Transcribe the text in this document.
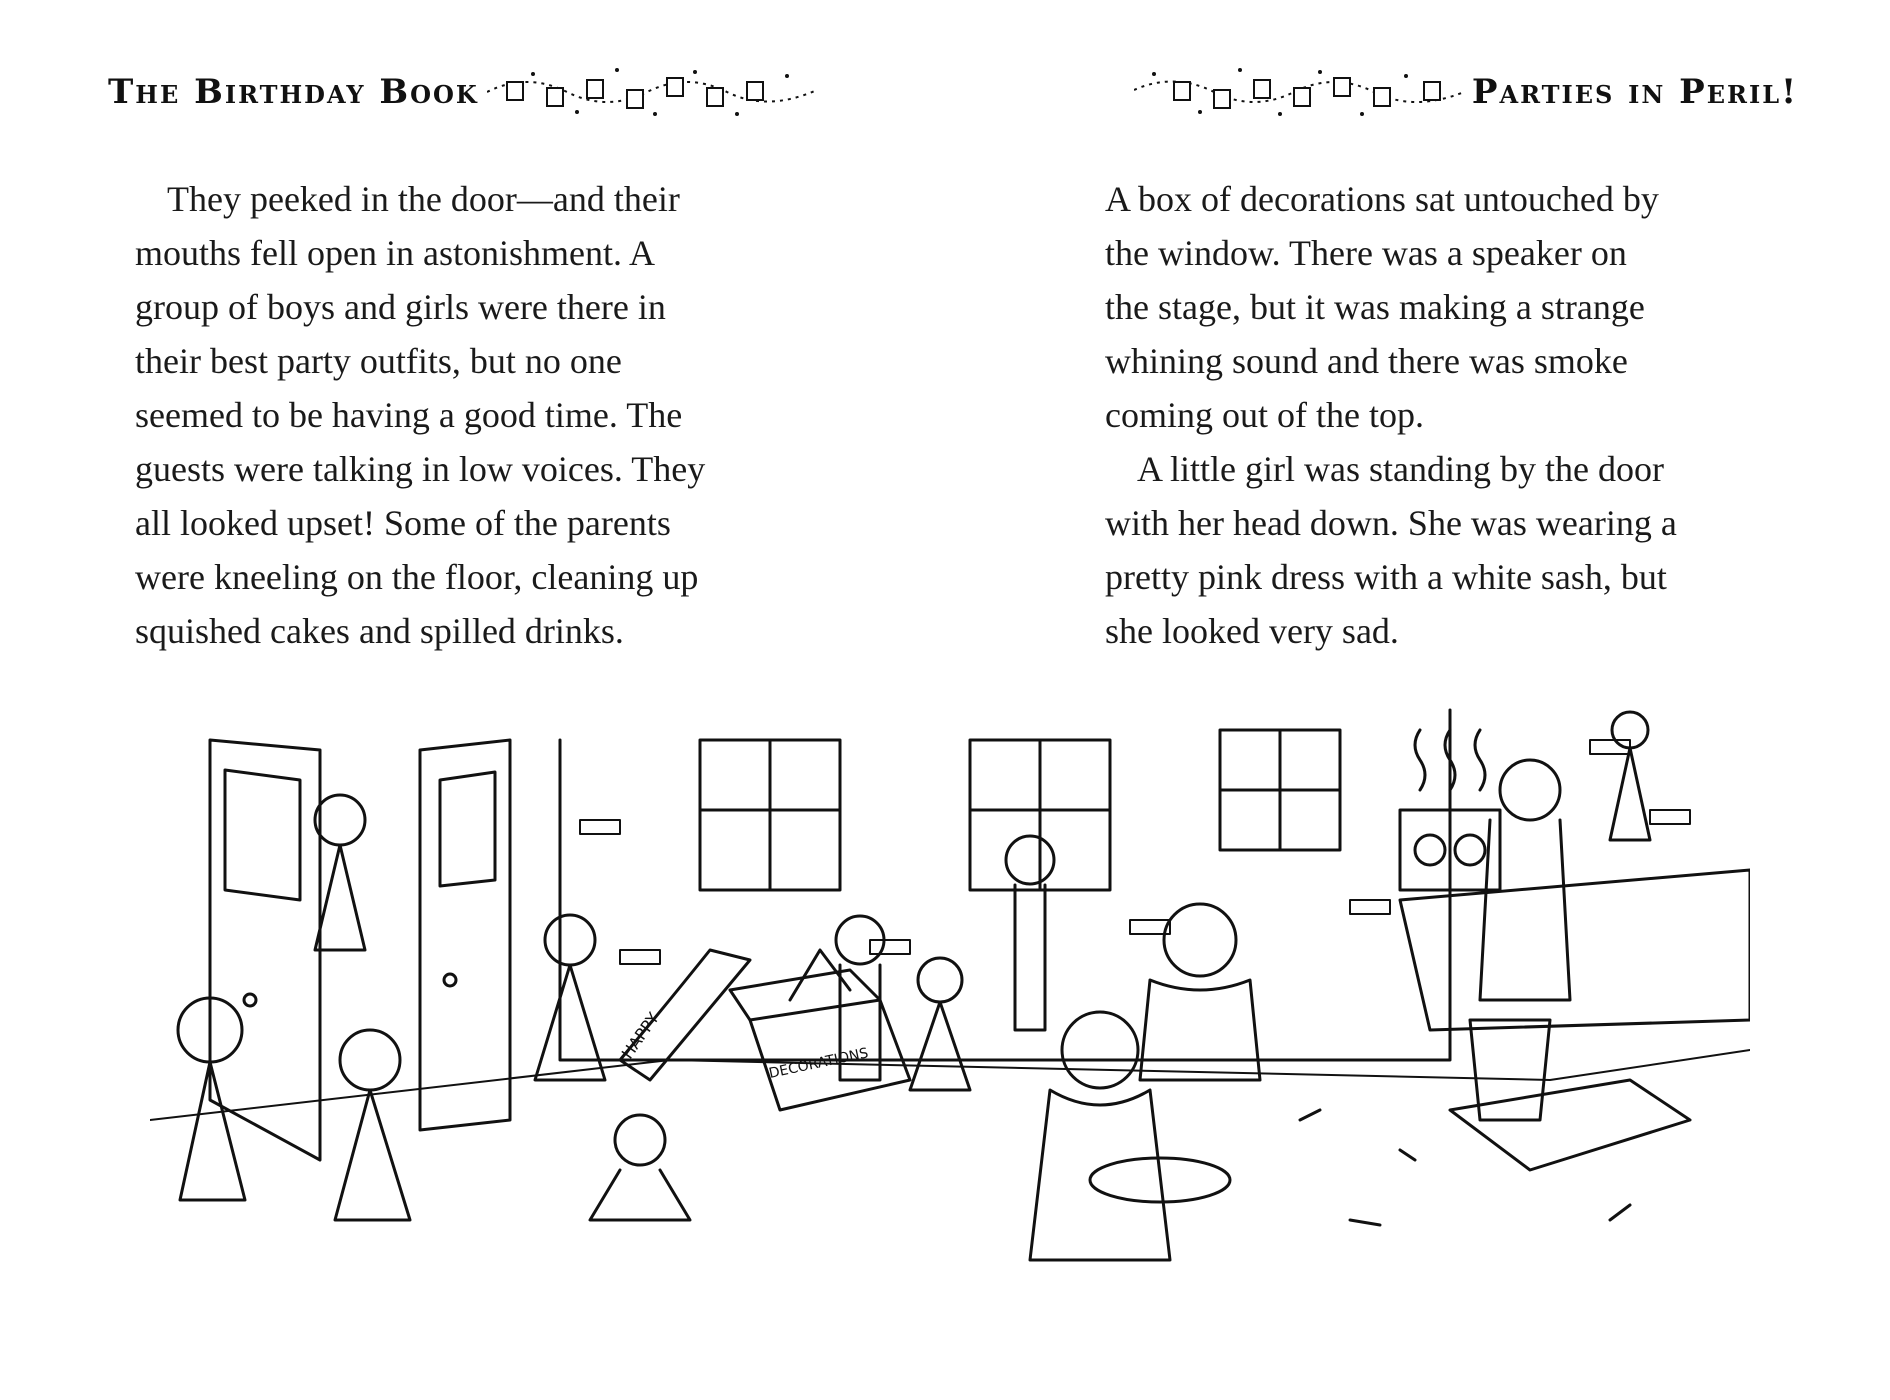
The Birthday Book	Parties in Peril!

They peeked in the door—and their

mouths fell open in astonishment. A

group of boys and girls were there in

their best party outfits, but no one

seemed to be having a good time. The

guests were talking in low voices. They

all looked upset! Some of the parents

were kneeling on the floor, cleaning up

squished cakes and spilled drinks.

A box of decorations sat untouched by

the window. There was a speaker on

the stage, but it was making a strange

whining sound and there was smoke

coming out of the top.

A little girl was standing by the door

with her head down. She was wearing a

pretty pink dress with a white sash, but

she looked very sad.

DECORATIONS
HAPPY
